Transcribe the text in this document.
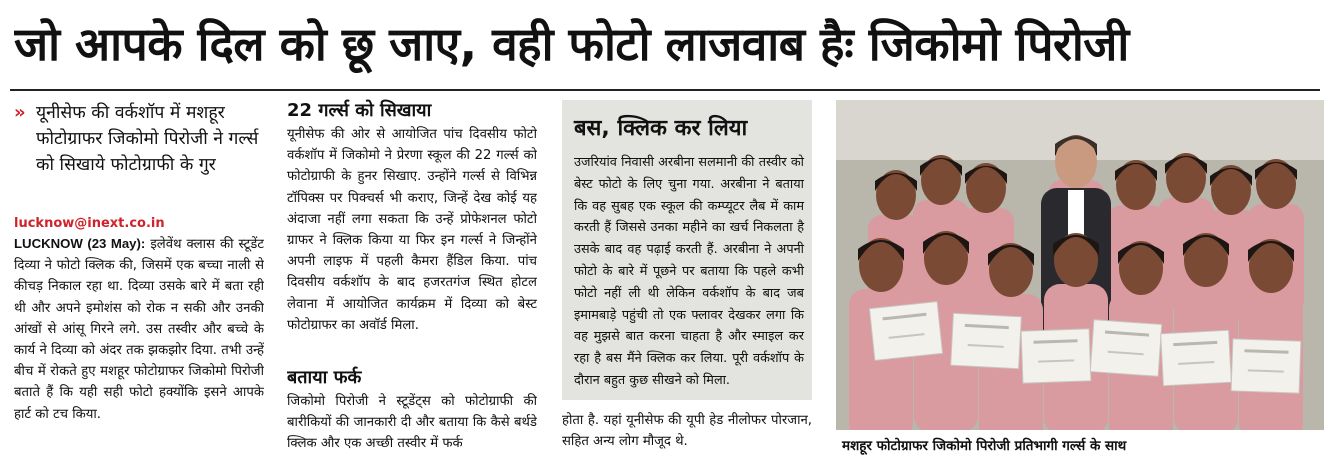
जो आपके दिल को छू जाए, वही फोटो लाजवाब हैः जिकोमो पिरोजी
» यूनीसेफ की वर्कशॉप में मशहूर फोटोग्राफर जिकोमो पिरोजी ने गर्ल्स को सिखाये फोटोग्राफी के गुर
lucknow@inext.co.in

LUCKNOW (23 May): इलेवेंथ क्लास की स्टूडेंट दिव्या ने फोटो क्लिक की, जिसमें एक बच्चा नाली से कीचड़ निकाल रहा था. दिव्या उसके बारे में बता रही थी और अपने इमोशंस को रोक न सकी और उनकी आंखों से आंसू गिरने लगे. उस तस्वीर और बच्चे के कार्य ने दिव्या को अंदर तक झकझोर दिया. तभी उन्हें बीच में रोकते हुए मशहूर फोटोग्राफर जिकोमो पिरोजी बताते हैं कि यही सही फोटो हक्योंकि इसने आपके हार्ट को टच किया.

22 गर्ल्स को सिखाया

यूनीसेफ की ओर से आयोजित पांच दिवसीय फोटो वर्कशॉप में जिकोमो ने प्रेरणा स्कूल की 22 गर्ल्स को फोटोग्राफी के हुनर सिखाए. उन्होंने गर्ल्स से विभिन्न टॉपिक्स पर पिक्चर्स भी कराए, जिन्हें देख कोई यह अंदाजा नहीं लगा सकता कि उन्हें प्रोफेशनल फोटो ग्राफर ने क्लिक किया या फिर इन गर्ल्स ने जिन्होंने अपनी लाइफ में पहली कैमरा हैंडिल किया. पांच दिवसीय वर्कशॉप के बाद हजरतगंज स्थित होटल लेवाना में आयोजित कार्यक्रम में दिव्या को बेस्ट फोटोग्राफर का अवॉर्ड मिला.

बताया फर्क

जिकोमो पिरोजी ने स्टूडेंट्स को फोटोग्राफी की बारीकियों की जानकारी दी और बताया कि कैसे बर्थडे क्लिक और एक अच्छी तस्वीर में फर्क

बस, क्लिक कर लिया
उजरियांव निवासी अरबीना सलमानी की तस्वीर को बेस्ट फोटो के लिए चुना गया. अरबीना ने बताया कि वह सुबह एक स्कूल की कम्प्यूटर लैब में काम करती हैं जिससे उनका महीने का खर्च निकलता है उसके बाद वह पढ़ाई करती हैं. अरबीना ने अपनी फोटो के बारे में पूछने पर बताया कि पहले कभी फोटो नहीं ली थी लेकिन वर्कशॉप के बाद जब इमामबाड़े पहुंची तो एक फ्लावर देखकर लगा कि वह मुझसे बात करना चाहता है और स्माइल कर रहा है बस मैंने क्लिक कर लिया. पूरी वर्कशॉप के दौरान बहुत कुछ सीखने को मिला.

होता है. यहां यूनीसेफ की यूपी हेड नीलोफर पोरजान, सहित अन्य लोग मौजूद थे.	मशहूर फोटोग्राफर जिकोमो पिरोजी प्रतिभागी गर्ल्स के साथ
